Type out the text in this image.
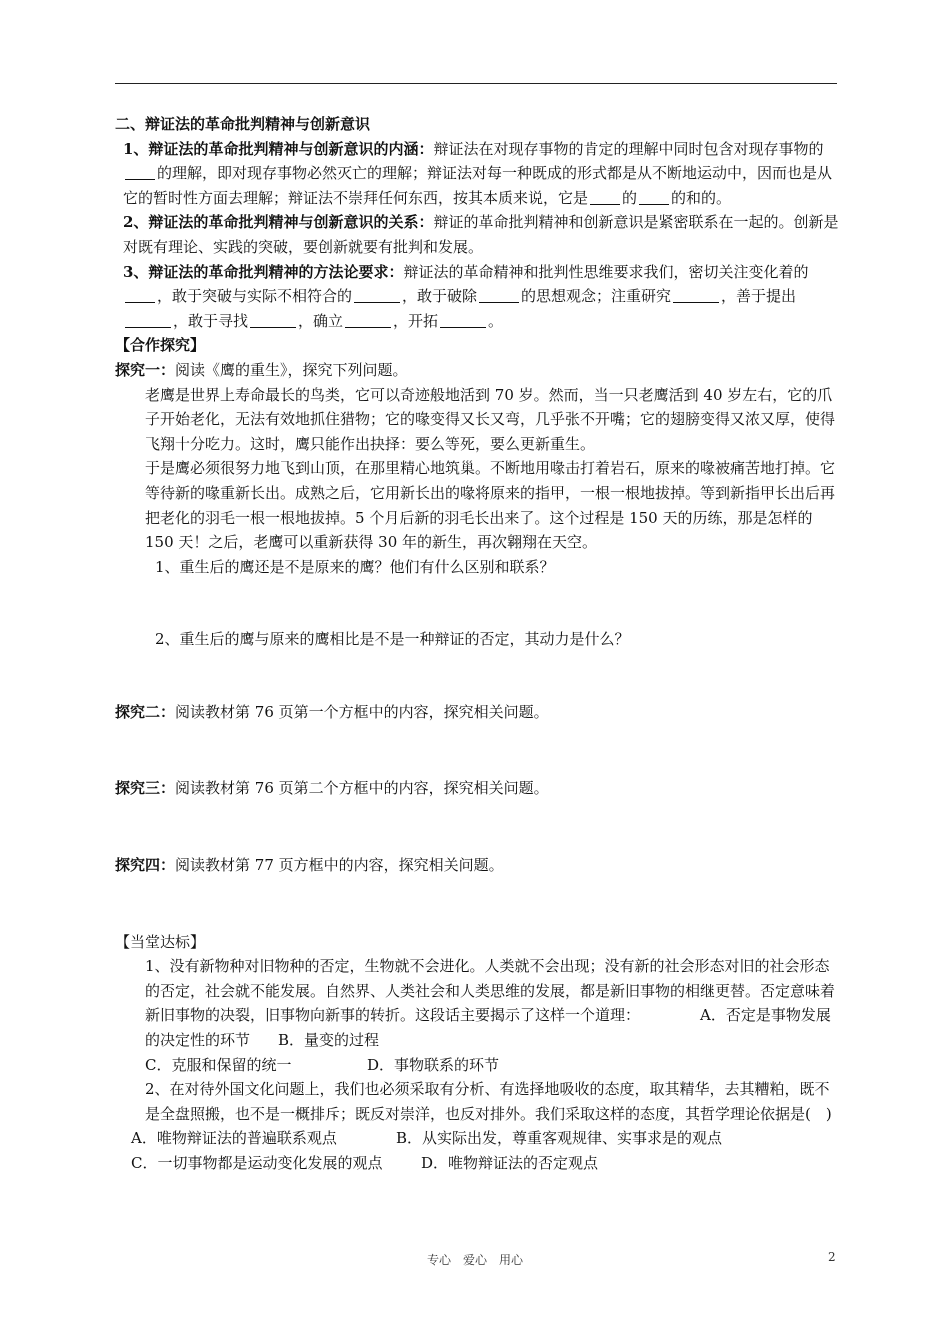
二、辩证法的革命批判精神与创新意识

1、辩证法的革命批判精神与创新意识的内涵：辩证法在对现存事物的肯定的理解中同时包含对现存事物的的理解，即对现存事物必然灭亡的理解；辩证法对每一种既成的形式都是从不断地运动中，因而也是从它的暂时性方面去理解；辩证法不崇拜任何东西，按其本质来说，它是 的 的和的。

2、辩证法的革命批判精神与创新意识的关系：辩证的革命批判精神和创新意识是紧密联系在一起的。创新是对既有理论、实践的突破，要创新就要有批判和发展。

3、辩证法的革命批判精神的方法论要求：辩证法的革命精神和批判性思维要求我们，密切关注变化着的，敢于突破与实际不相符合的	，敢于破除	的思想观念；注重研究	，善于提出，敢于寻找	，确立	，开拓	。

【合作探究】

探究一：阅读《鹰的重生》，探究下列问题。

老鹰是世界上寿命最长的鸟类，它可以奇迹般地活到 70 岁。然而，当一只老鹰活到 40 岁左右，它的爪子开始老化，无法有效地抓住猎物；它的喙变得又长又弯，几乎张不开嘴；它的翅膀变得又浓又厚，使得飞翔十分吃力。这时，鹰只能作出抉择：要么等死，要么更新重生。

于是鹰必须很努力地飞到山顶，在那里精心地筑巢。不断地用喙击打着岩石，原来的喙被痛苦地打掉。它等待新的喙重新长出。成熟之后，它用新长出的喙将原来的指甲，一根一根地拔掉。等到新指甲长出后再把老化的羽毛一根一根地拔掉。5 个月后新的羽毛长出来了。这个过程是 150 天的历练，那是怎样的 150 天！之后，老鹰可以重新获得 30 年的新生，再次翱翔在天空。

1、重生后的鹰还是不是原来的鹰？他们有什么区别和联系？

2、重生后的鹰与原来的鹰相比是不是一种辩证的否定，其动力是什么？

探究二：阅读教材第 76 页第一个方框中的内容，探究相关问题。

探究三：阅读教材第 76 页第二个方框中的内容，探究相关问题。

探究四：阅读教材第 77 页方框中的内容，探究相关问题。

【当堂达标】

1、没有新物种对旧物种的否定，生物就不会进化。人类就不会出现；没有新的社会形态对旧的社会形态的否定，社会就不能发展。自然界、人类社会和人类思维的发展，都是新旧事物的相继更替。否定意味着新旧事物的决裂，旧事物向新事的转折。这段话主要揭示了这样一个道理：	A．否定是事物发展的决定性的环节 B．量变的过程

C．克服和保留的统一	D．事物联系的环节

2、在对待外国文化问题上，我们也必须采取有分析、有选择地吸收的态度，取其精华，去其糟粕，既不是全盘照搬，也不是一概排斥；既反对崇洋，也反对排外。我们采取这样的态度，其哲学理论依据是(　)

A．唯物辩证法的普遍联系观点	B．从实际出发，尊重客观规律、实事求是的观点

C．一切事物都是运动变化发展的观点	D．唯物辩证法的否定观点

专心　爱心　用心	2
